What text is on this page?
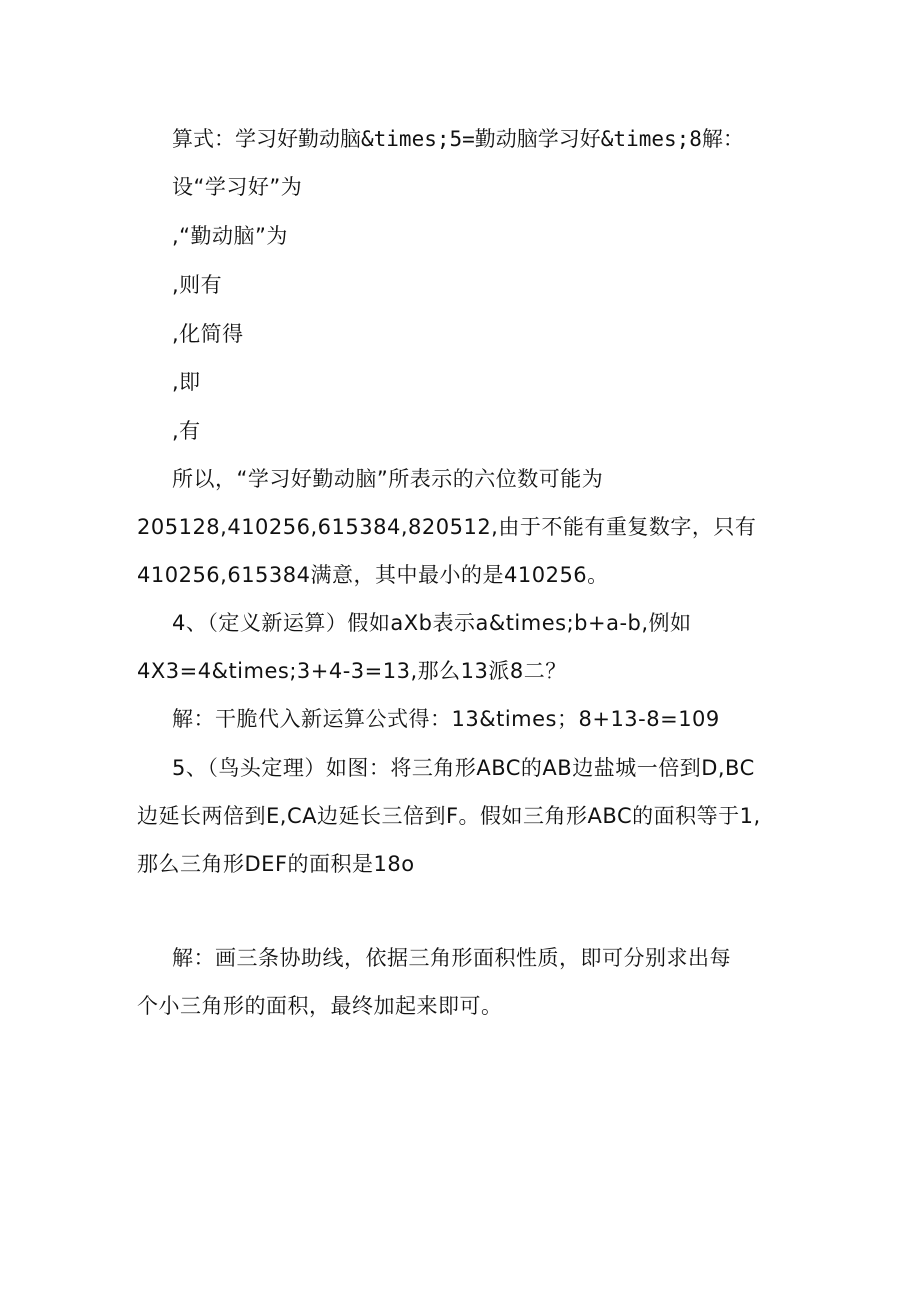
算式：学习好勤动脑&times;5=勤动脑学习好&times;8解：

设“学习好”为

,“勤动脑”为

,则有

,化简得

,即

,有

所以，“学习好勤动脑”所表示的六位数可能为

205128,410256,615384,820512,由于不能有重复数字，只有

410256,615384满意，其中最小的是410256。

4、（定义新运算）假如aXb表示a&times;b+a-b,例如

4X3=4&times;3+4-3=13,那么13派8二？

解：干脆代入新运算公式得：13&times；8+13-8=109

5、（鸟头定理）如图：将三角形ABC的AB边盐城一倍到D,BC

边延长两倍到E,CA边延长三倍到F。假如三角形ABC的面积等于1,

那么三角形DEF的面积是18o

解：画三条协助线，依据三角形面积性质，即可分别求出每

个小三角形的面积，最终加起来即可。
